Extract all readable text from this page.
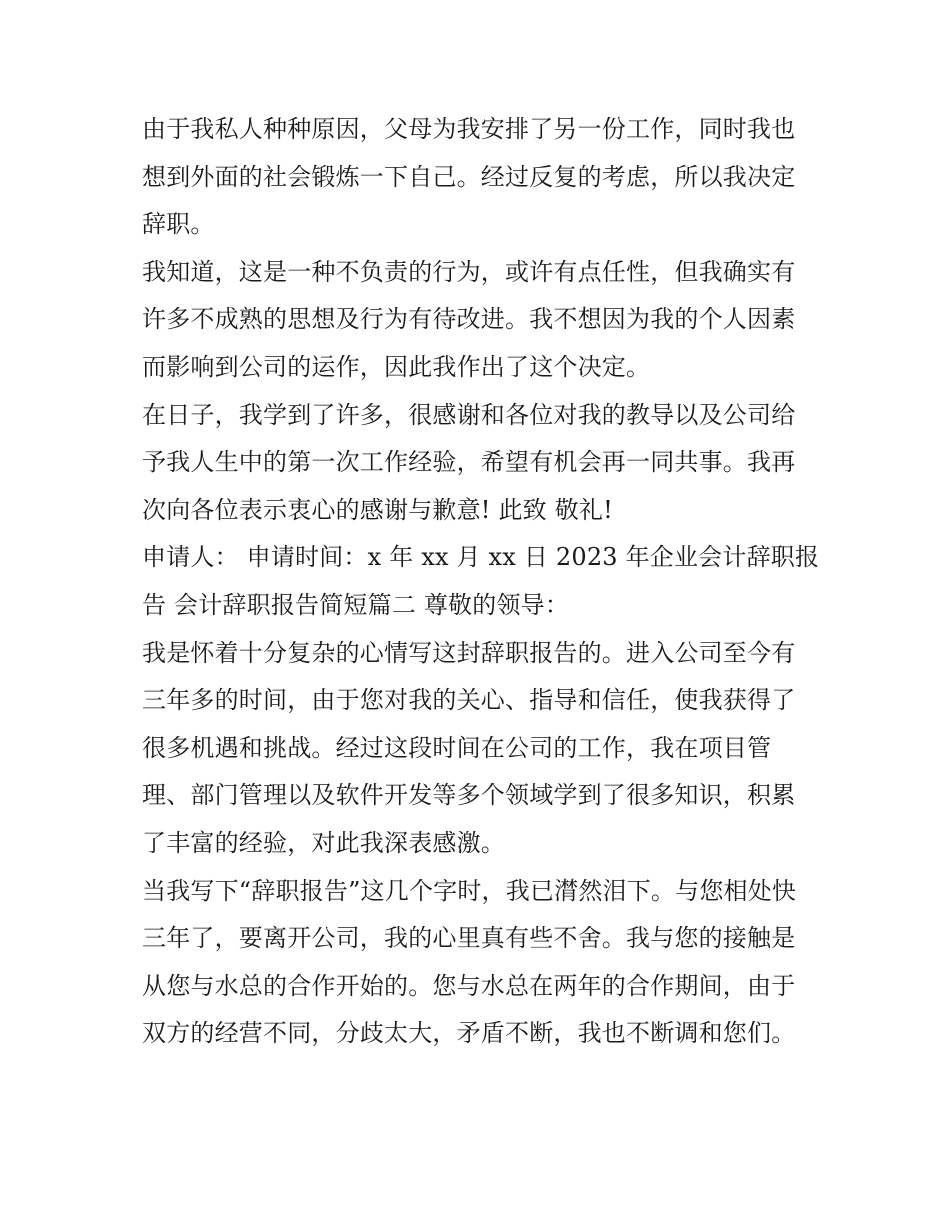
由于我私人种种原因，父母为我安排了另一份工作，同时我也
想到外面的社会锻炼一下自己。经过反复的考虑，所以我决定
辞职。
我知道，这是一种不负责的行为，或许有点任性，但我确实有
许多不成熟的思想及行为有待改进。我不想因为我的个人因素
而影响到公司的运作，因此我作出了这个决定。
在日子，我学到了许多，很感谢和各位对我的教导以及公司给
予我人生中的第一次工作经验，希望有机会再一同共事。我再
次向各位表示衷心的感谢与歉意! 此致 敬礼!
申请人： 申请时间：x 年 xx 月 xx 日 2023 年企业会计辞职报
告 会计辞职报告简短篇二 尊敬的领导：
我是怀着十分复杂的心情写这封辞职报告的。进入公司至今有
三年多的时间，由于您对我的关心、指导和信任，使我获得了
很多机遇和挑战。经过这段时间在公司的工作，我在项目管
理、部门管理以及软件开发等多个领域学到了很多知识，积累
了丰富的经验，对此我深表感激。
当我写下“辞职报告”这几个字时，我已潸然泪下。与您相处快
三年了，要离开公司，我的心里真有些不舍。我与您的接触是
从您与水总的合作开始的。您与水总在两年的合作期间，由于
双方的经营不同，分歧太大，矛盾不断，我也不断调和您们。
